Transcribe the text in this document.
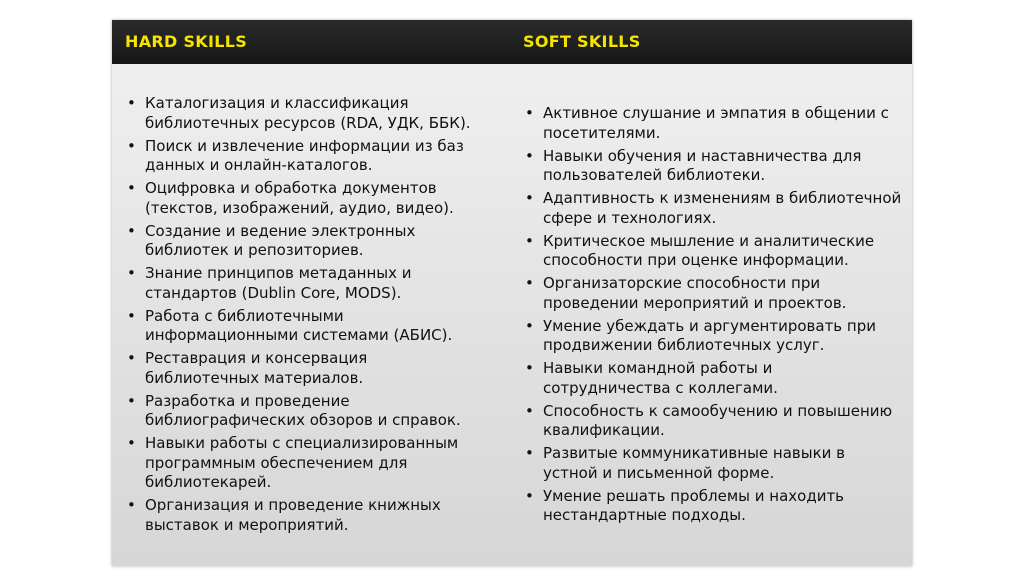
HARD SKILLS	SOFT SKILLS
• Каталогизация и классификация библиотечных ресурсов (RDA, УДК, ББК).
• Поиск и извлечение информации из баз данных и онлайн-каталогов.
• Оцифровка и обработка документов (текстов, изображений, аудио, видео).
• Создание и ведение электронных библиотек и репозиториев.
• Знание принципов метаданных и стандартов (Dublin Core, MODS).
• Работа с библиотечными информационными системами (АБИС).
• Реставрация и консервация библиотечных материалов.
• Разработка и проведение библиографических обзоров и справок.
• Навыки работы с специализированным программным обеспечением для библиотекарей.
• Организация и проведение книжных выставок и мероприятий.
• Активное слушание и эмпатия в общении с посетителями.
• Навыки обучения и наставничества для пользователей библиотеки.
• Адаптивность к изменениям в библиотечной сфере и технологиях.
• Критическое мышление и аналитические способности при оценке информации.
• Организаторские способности при проведении мероприятий и проектов.
• Умение убеждать и аргументировать при продвижении библиотечных услуг.
• Навыки командной работы и сотрудничества с коллегами.
• Способность к самообучению и повышению квалификации.
• Развитые коммуникативные навыки в устной и письменной форме.
• Умение решать проблемы и находить нестандартные подходы.
